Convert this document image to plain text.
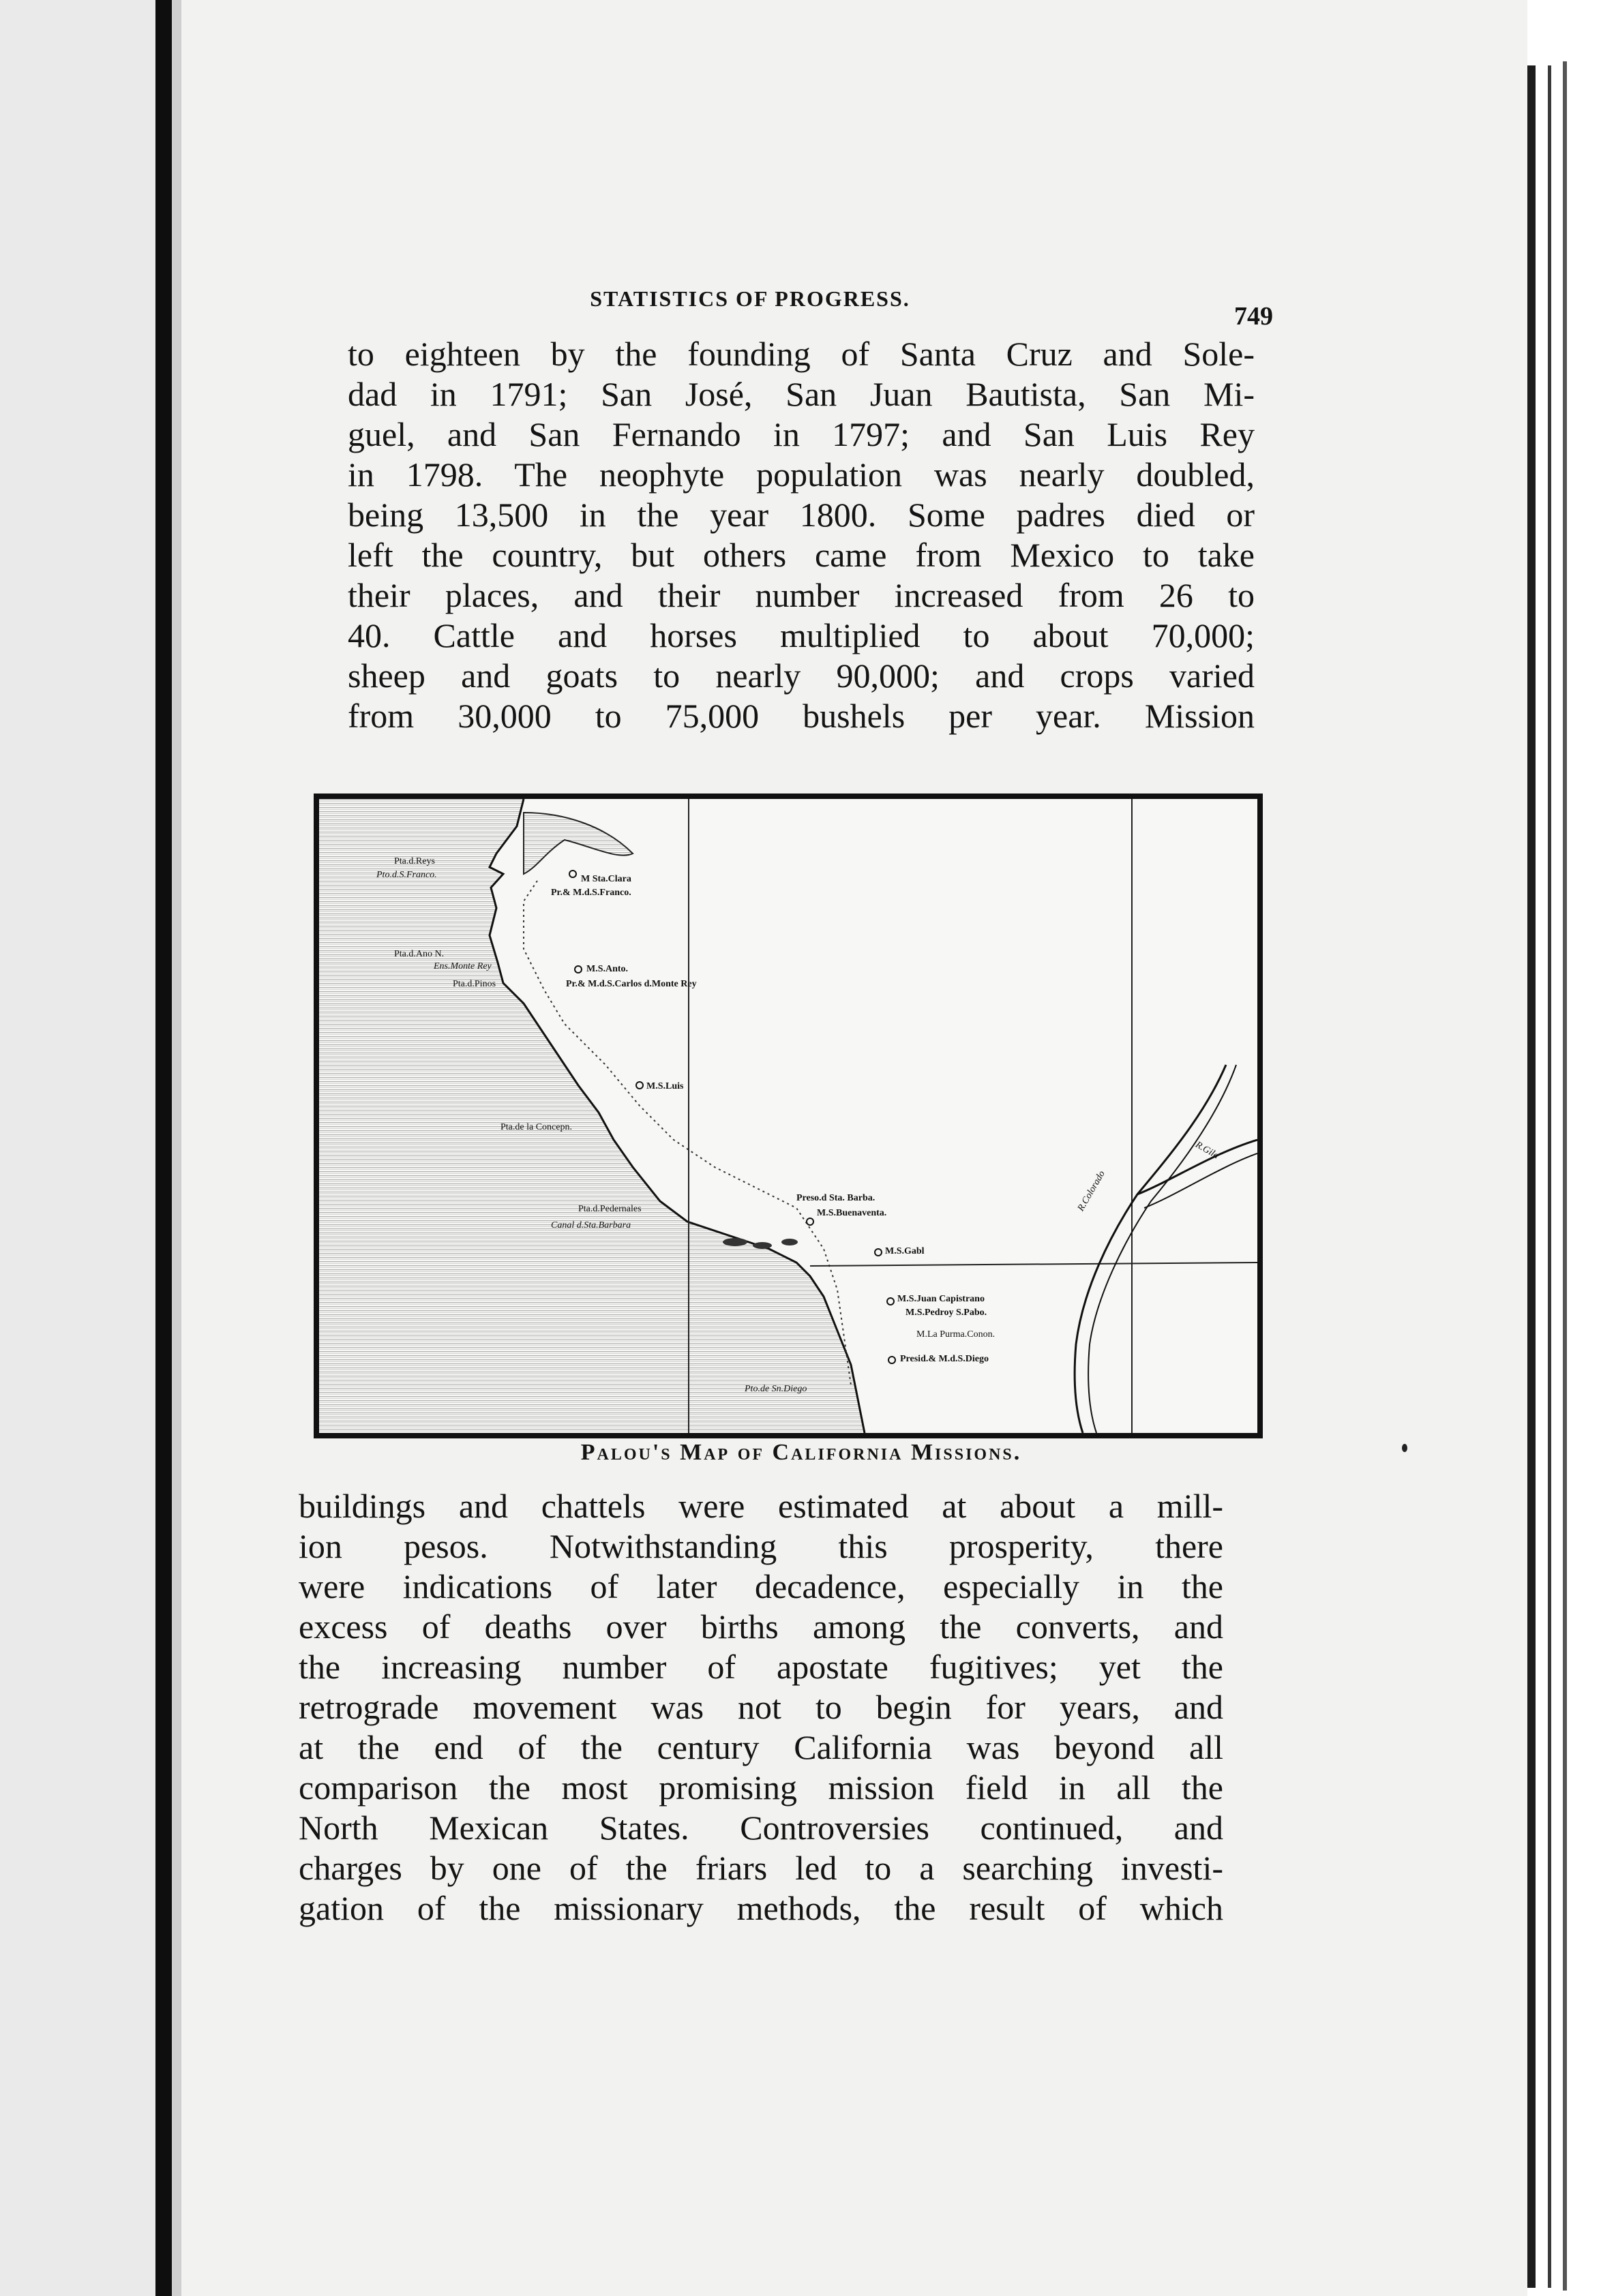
STATISTICS OF PROGRESS.
749
to eighteen by the founding of Santa Cruz and Sole-
dad in 1791; San José, San Juan Bautista, San Mi-
guel, and San Fernando in 1797; and San Luis Rey
in 1798. The neophyte population was nearly doubled,
being 13,500 in the year 1800. Some padres died or
left the country, but others came from Mexico to take
their places, and their number increased from 26 to
40. Cattle and horses multiplied to about 70,000;
sheep and goats to nearly 90,000; and crops varied
from 30,000 to 75,000 bushels per year. Mission
Pta.d.Reys
Pto.d.S.Franco.	M Sta.Clara
Pr.& M.d.S.Franco.
Pta.d.Ano N.
Ens.Monte Rey	M.S.Anto.
Pta.d.Pinos	Pr.& M.d.S.Carlos d.Monte Rey
M.S.Luis
Pta.de la Concepn.
Preso.d Sta. Barba.
M.S.Buenaventa.
Pta.d.Pedernales
Canal d.Sta.Barbara
M.S.Gabl
M.S.Juan Capistrano
M.S.Pedroy S.Pabo.
M.La Purma.Conon.
Presid.& M.d.S.Diego
Pto.de Sn.Diego
R.Colorado
R.Gila
Palou's Map of California Missions.
buildings and chattels were estimated at about a mill-
ion pesos. Notwithstanding this prosperity, there
were indications of later decadence, especially in the
excess of deaths over births among the converts, and
the increasing number of apostate fugitives; yet the
retrograde movement was not to begin for years, and
at the end of the century California was beyond all
comparison the most promising mission field in all the
North Mexican States. Controversies continued, and
charges by one of the friars led to a searching investi-
gation of the missionary methods, the result of which
